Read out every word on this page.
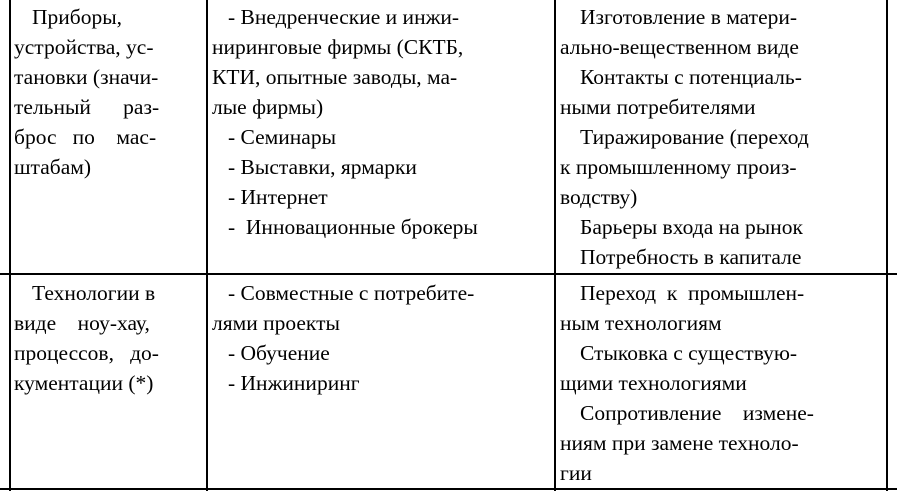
Приборы,
устройства, ус-
тановки (значи-
тельный      раз-
брос   по    мас-
штабам)
- Внедренческие и инжи-
ниринговые фирмы (СКТБ,
КТИ, опытные заводы, ма-
лые фирмы)
- Семинары
- Выставки, ярмарки
- Интернет
-  Инновационные брокеры
Изготовление в матери-
ально-вещественном виде
Контакты с потенциаль-
ными потребителями
Тиражирование (переход
к промышленному произ-
водству)
Барьеры входа на рынок
Потребность в капитале
Технологии в
виде    ноу-хау,
процессов,   до-
кументации (*)
- Совместные с потребите-
лями проекты
- Обучение
- Инжиниринг
Переход  к  промышлен-
ным технологиям
Стыковка с существую-
щими технологиями
Сопротивление    измене-
ниям при замене техноло-
гии
